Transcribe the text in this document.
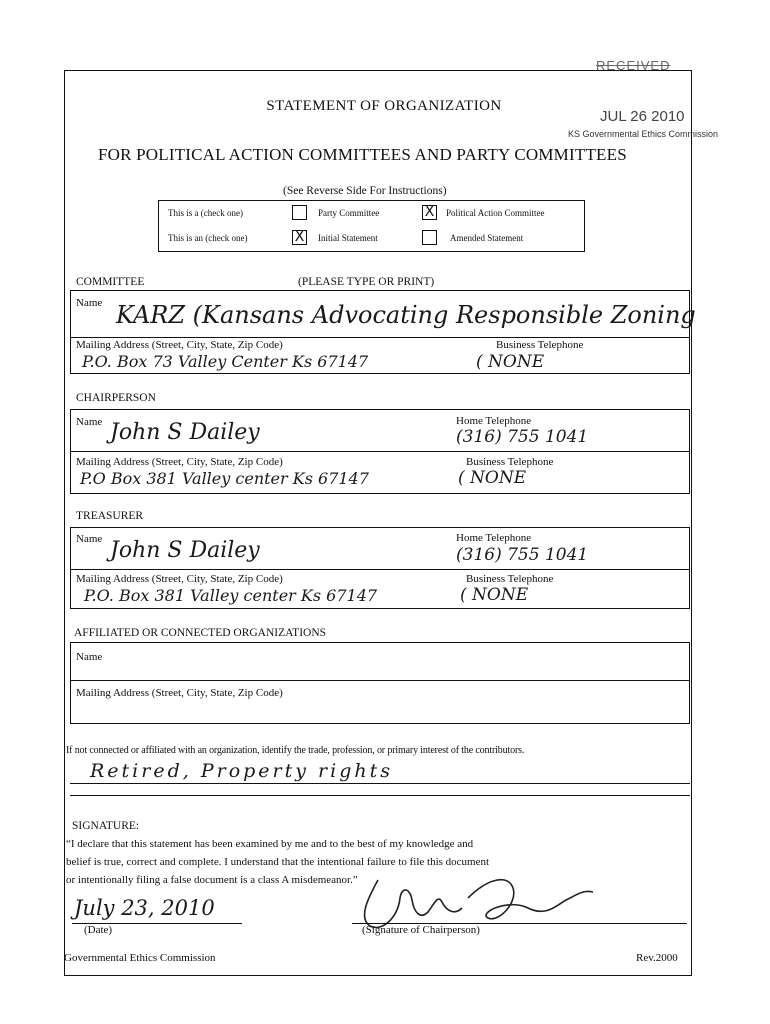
RECEIVED
JUL 26 2010
KS Governmental Ethics Commission
STATEMENT OF ORGANIZATION
FOR POLITICAL ACTION COMMITTEES AND PARTY COMMITTEES
(See Reverse Side For Instructions)
This is a (check one)	Party Committee	X	Political Action Committee
This is an (check one)	X	Initial Statement	Amended Statement
COMMITTEE	(PLEASE TYPE OR PRINT)
Name KARZ (Kansans Advocating Responsible Zoning
Mailing Address (Street, City, State, Zip Code)
P.O. Box 73 Valley Center Ks 67147
Business Telephone
( NONE
CHAIRPERSON
Name John S Dailey	Home Telephone
(316) 755 1041
Mailing Address (Street, City, State, Zip Code)
P.O Box 381 Valley center Ks 67147
Business Telephone
( NONE
TREASURER
Name John S Dailey	Home Telephone
(316) 755 1041
Mailing Address (Street, City, State, Zip Code)
P.O. Box 381 Valley center Ks 67147
Business Telephone
( NONE
AFFILIATED OR CONNECTED ORGANIZATIONS
Name
Mailing Address (Street, City, State, Zip Code)
If not connected or affiliated with an organization, identify the trade, profession, or primary interest of the contributors.
Retired, Property rights
SIGNATURE:
“I declare that this statement has been examined by me and to the best of my knowledge and
belief is true, correct and complete. I understand that the intentional failure to file this document
or intentionally filing a false document is a class A misdemeanor.”
July 23, 2010
(Date)	(Signature of Chairperson)
Governmental Ethics Commission	Rev.2000
